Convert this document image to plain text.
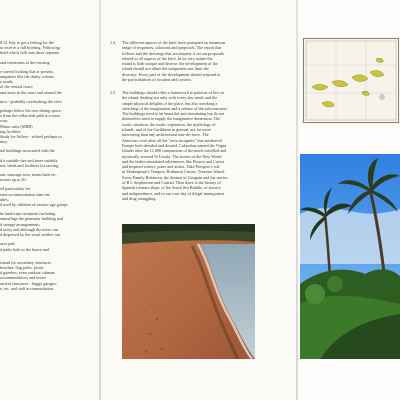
8-31 July to get a feeling for the
to receive a full briefing. Following
brief which falls into three separate
and extensions to the existing
e curved looking that at present,
ompanies like the dusky colours
e south;
of the central court;
and areas in the court and around the
ince - probably overlooking the view
perhaps below the new dining space;
e from the cellar/side path is a more
way;
Minor suite (MBR)
ing facilities
Study for Jeffrey - related perhaps to
ntry;
nal buildings associated with the
d a suitable size and more suitably
rea, sheds and facilities for serving
om, massage area, steam bath etc,
usions up to 20;
ed particularly for
ense accommodation than the
ubes;
d used by children of various age groups
he landscape treatment including
amouflage the generator building and
d storage arrangements;
d noisy and although the noise can
d dispersed by the wind, neither can
ayer pad;
d paths both to the house and
island for secondary structures
beaches, flag poles, picnic
d gazebos; even outdoor cabanas
accommodation; and seven
arrival structures - buggy garages,
e, etc. and staff accommodation.
1.4 The different aspects of the brief have prompted an enormous
range of responses, solutions and proposals. The report that
follows and the drawings that accompany it set out proposals
related to all aspects of the brief. In its very nature the
island is both unique and diverse; the development of the
island should not dilute the uniqueness nor limit the
diversity. Every part of the development should respond to
the particularities of location and context.
1.5 The buildings should offer a framework to patterns of life on
the island, dealing not only with every day needs and the
simple physical delights of the place, but also invoking a
stretching of the imagination and a release of the subconscious.
The buildings need to be beautiful and stimulating but do not
themselves need to supply the imaginative dimension. The
exotic situation, the exotic vegetation, the mythology of
islands, and of the Caribbean in general, are far more
interesting than any architectural tour-de-force. The
Americas were after all the "terre incognito" that mediaeval
Europe both dreaded and desired. Columbus named the Virgin
Islands after the 11,000 companions of the much travelled and
mystically severed St Ursula. The stories of the New World
and the Indies stimulated adventurers like Pizarro and Cortez
and inspired writers, poets and artists. Take Prospero's isle
in Shakespeare's Tempest, Robinson Crusoe, Treasure Island,
Swiss Family Robinson, the dreams of Gauguin and the stories
of R L Stephenson and Conrad. Then there is the history of
Spanish treasure ships, of the South Sea Bubble, of slavery
and independence, and in our own day of illegal immigration
and drug smuggling.
